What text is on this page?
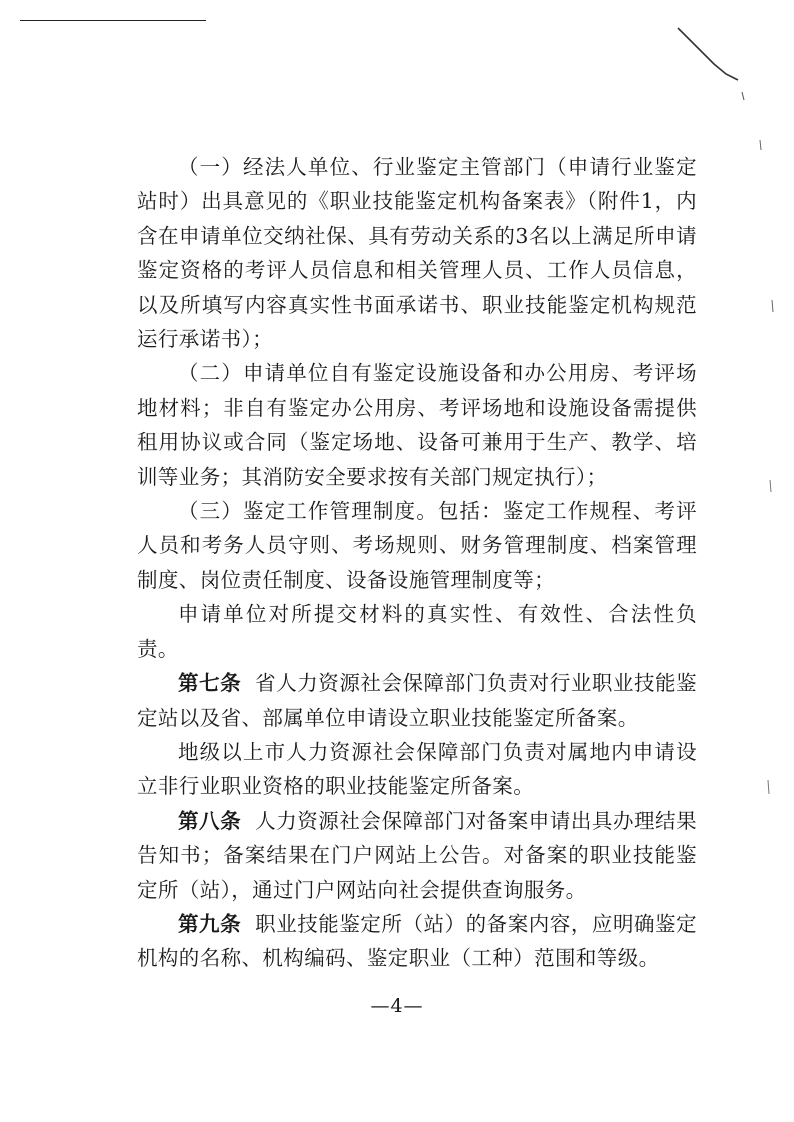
（一）经法人单位、行业鉴定主管部门（申请行业鉴定站时）出具意见的《职业技能鉴定机构备案表》（附件1，内含在申请单位交纳社保、具有劳动关系的3名以上满足所申请鉴定资格的考评人员信息和相关管理人员、工作人员信息，以及所填写内容真实性书面承诺书、职业技能鉴定机构规范运行承诺书）；

（二）申请单位自有鉴定设施设备和办公用房、考评场地材料；非自有鉴定办公用房、考评场地和设施设备需提供租用协议或合同（鉴定场地、设备可兼用于生产、教学、培训等业务；其消防安全要求按有关部门规定执行）；

（三）鉴定工作管理制度。包括：鉴定工作规程、考评人员和考务人员守则、考场规则、财务管理制度、档案管理制度、岗位责任制度、设备设施管理制度等；

申请单位对所提交材料的真实性、有效性、合法性负责。

第七条 省人力资源社会保障部门负责对行业职业技能鉴定站以及省、部属单位申请设立职业技能鉴定所备案。

地级以上市人力资源社会保障部门负责对属地内申请设立非行业职业资格的职业技能鉴定所备案。

第八条 人力资源社会保障部门对备案申请出具办理结果告知书；备案结果在门户网站上公告。对备案的职业技能鉴定所（站），通过门户网站向社会提供查询服务。

第九条 职业技能鉴定所（站）的备案内容，应明确鉴定机构的名称、机构编码、鉴定职业（工种）范围和等级。

—4—
